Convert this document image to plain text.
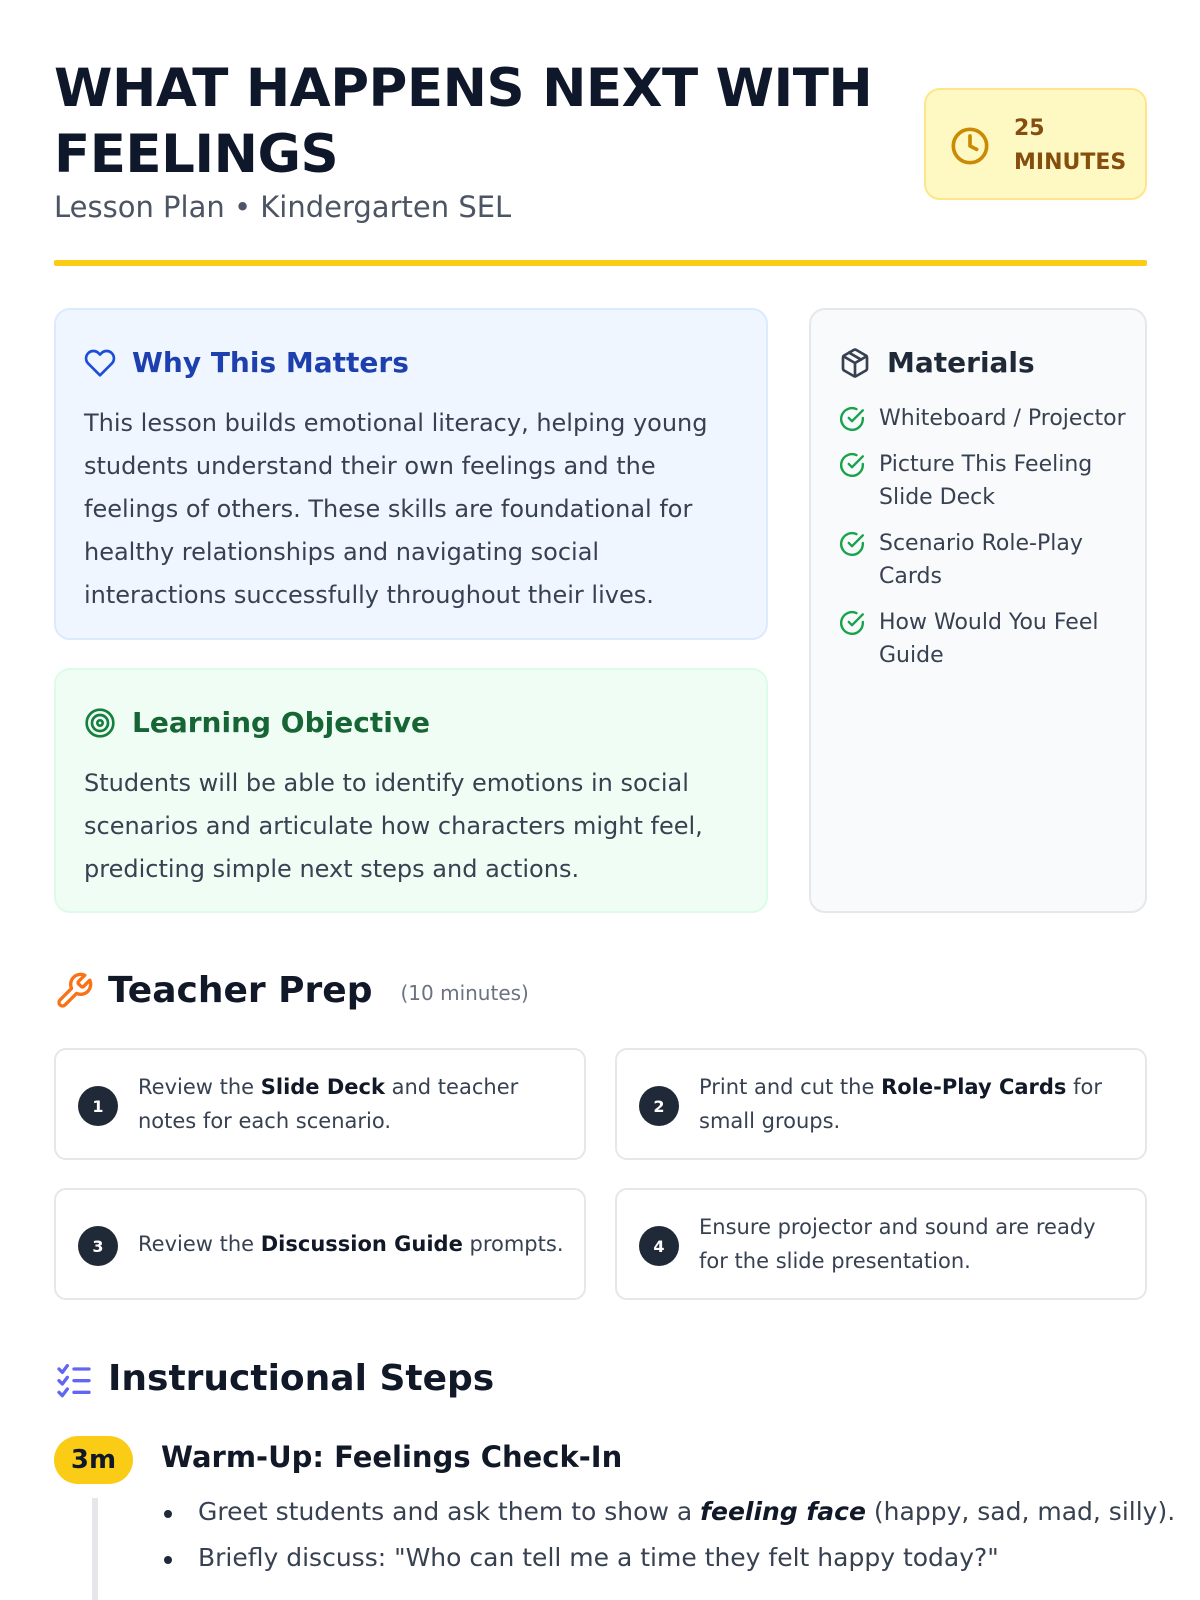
WHAT HAPPENS NEXT WITH FEELINGS
Lesson Plan • Kindergarten SEL
25
MINUTES
Why This Matters

This lesson builds emotional literacy, helping young students understand their own feelings and the feelings of others. These skills are foundational for healthy relationships and navigating social interactions successfully throughout their lives.

Learning Objective

Students will be able to identify emotions in social scenarios and articulate how characters might feel, predicting simple next steps and actions.

Materials
Whiteboard / Projector
Picture This Feeling Slide Deck
Scenario Role-Play Cards
How Would You Feel Guide
Teacher Prep (10 minutes)
1
Review the Slide Deck and teacher notes for each scenario.
2
Print and cut the Role-Play Cards for small groups.
3	Review the Discussion Guide prompts.	4
Ensure projector and sound are ready for the slide presentation.
Instructional Steps
3m	Warm-Up: Feelings Check-In
Greet students and ask them to show a feeling face (happy, sad, mad, silly).
Briefly discuss: "Who can tell me a time they felt happy today?"
